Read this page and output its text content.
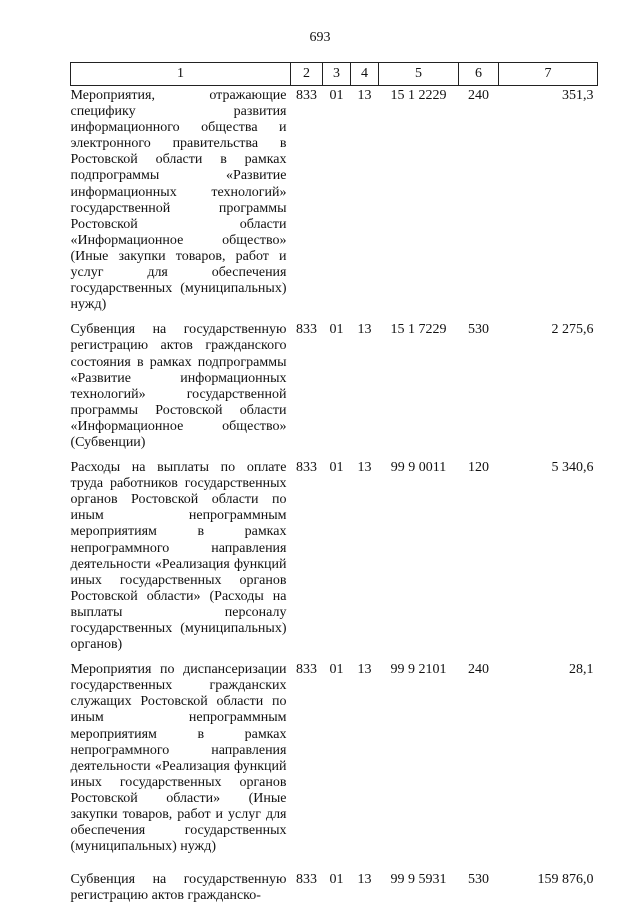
693
1	2	3	4	5	6	7
Мероприятия, отражающие специфику развития информационного общества и электронного правительства в Ростовской области в рамках подпрограммы «Развитие информационных технологий» государственной программы Ростовской области «Информационное общество» (Иные закупки товаров, работ и услуг для обеспечения государственных (муниципальных) нужд)	833	01	13	15 1 2229	240	351,3
Субвенция на государственную регистрацию актов гражданского состояния в рамках подпрограммы «Развитие информационных технологий» государственной программы Ростовской области «Информационное общество» (Субвенции)	833	01	13	15 1 7229	530	2 275,6
Расходы на выплаты по оплате труда работников государственных органов Ростовской области по иным непрограммным мероприятиям в рамках непрограммного направления деятельности «Реализация функций иных государственных органов Ростовской области» (Расходы на выплаты персоналу государственных (муниципальных) органов)	833	01	13	99 9 0011	120	5 340,6
Мероприятия по диспансеризации государственных гражданских служащих Ростовской области по иным непрограммным мероприятиям в рамках непрограммного направления деятельности «Реализация функций иных государственных органов Ростовской области» (Иные закупки товаров, работ и услуг для обеспечения государственных (муниципальных) нужд)	833	01	13	99 9 2101	240	28,1
Субвенция на государственную регистрацию актов гражданско-	833	01	13	99 9 5931	530	159 876,0
